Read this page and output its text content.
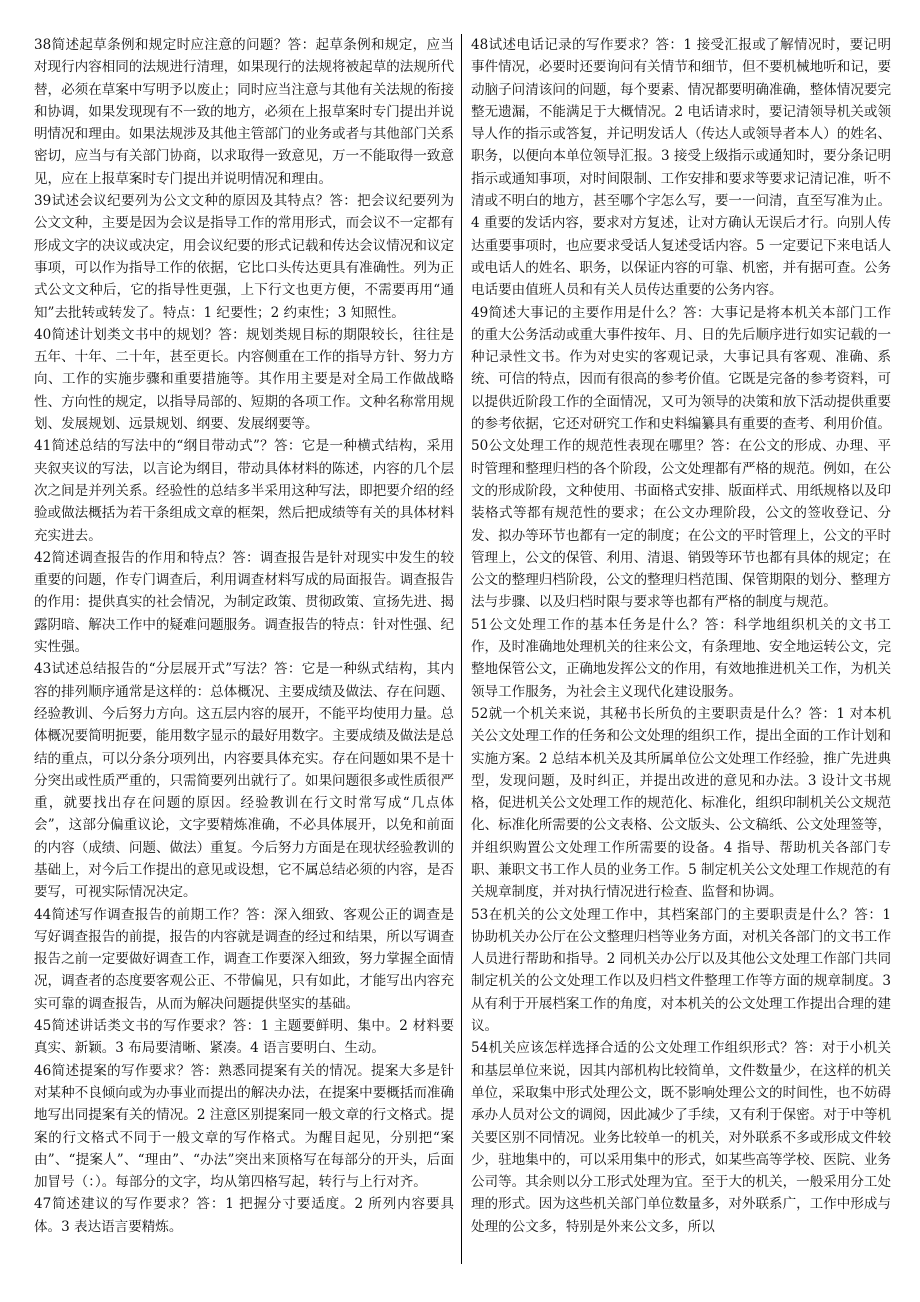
38简述起草条例和规定时应注意的问题？答：起草条例和规定，应当对现行内容相同的法规进行清理，如果现行的法规将被起草的法规所代替，必须在草案中写明予以废止；同时应当注意与其他有关法规的衔接和协调，如果发现现有不一致的地方，必须在上报草案时专门提出并说明情况和理由。如果法规涉及其他主管部门的业务或者与其他部门关系密切，应当与有关部门协商，以求取得一致意见，万一不能取得一致意见，应在上报草案时专门提出并说明情况和理由。

39试述会议纪要列为公文文种的原因及其特点？答：把会议纪要列为公文文种，主要是因为会议是指导工作的常用形式，而会议不一定都有形成文字的决议或决定，用会议纪要的形式记载和传达会议情况和议定事项，可以作为指导工作的依据，它比口头传达更具有准确性。列为正式公文文种后，它的指导性更强，上下行文也更方便，不需要再用“通知”去批转或转发了。特点：1 纪要性；2 约束性；3 知照性。

40简述计划类文书中的规划？答：规划类规目标的期限较长，往往是五年、十年、二十年，甚至更长。内容侧重在工作的指导方针、努力方向、工作的实施步骤和重要措施等。其作用主要是对全局工作做战略性、方向性的规定，以指导局部的、短期的各项工作。文种名称常用规划、发展规划、远景规划、纲要、发展纲要等。

41简述总结的写法中的“纲目带动式”？答：它是一种横式结构，采用夹叙夹议的写法，以言论为纲目，带动具体材料的陈述，内容的几个层次之间是并列关系。经验性的总结多半采用这种写法，即把要介绍的经验或做法概括为若干条组成文章的框架，然后把成绩等有关的具体材料充实进去。

42简述调查报告的作用和特点？答：调查报告是针对现实中发生的较重要的问题，作专门调查后，利用调查材料写成的局面报告。调查报告的作用：提供真实的社会情况，为制定政策、贯彻政策、宣扬先进、揭露阴暗、解决工作中的疑难问题服务。调查报告的特点：针对性强、纪实性强。

43试述总结报告的“分层展开式”写法？答：它是一种纵式结构，其内容的排列顺序通常是这样的：总体概况、主要成绩及做法、存在问题、经验教训、今后努力方向。这五层内容的展开，不能平均使用力量。总体概况要简明扼要，能用数字显示的最好用数字。主要成绩及做法是总结的重点，可以分条分项列出，内容要具体充实。存在问题如果不是十分突出或性质严重的，只需简要列出就行了。如果问题很多或性质很严重，就要找出存在问题的原因。经验教训在行文时常写成“几点体会”，这部分偏重议论，文字要精炼准确，不必具体展开，以免和前面的内容（成绩、问题、做法）重复。今后努力方面是在现状经验教训的基础上，对今后工作提出的意见或设想，它不属总结必须的内容，是否要写，可视实际情况决定。

44简述写作调查报告的前期工作？答：深入细致、客观公正的调查是写好调查报告的前提，报告的内容就是调查的经过和结果，所以写调查报告之前一定要做好调查工作，调查工作要深入细致，努力掌握全面情况，调查者的态度要客观公正、不带偏见，只有如此，才能写出内容充实可靠的调查报告，从而为解决问题提供坚实的基础。

45简述讲话类文书的写作要求？答：1 主题要鲜明、集中。2 材料要真实、新颖。3 布局要清晰、紧凑。4 语言要明白、生动。

46简述提案的写作要求？答：熟悉同提案有关的情况。提案大多是针对某种不良倾向或为办事业而提出的解决办法，在提案中要概括而准确地写出同提案有关的情况。2 注意区别提案同一般文章的行文格式。提案的行文格式不同于一般文章的写作格式。为醒目起见，分别把“案由”、“提案人”、“理由”、“办法”突出来顶格写在每部分的开头，后面加冒号（：）。每部分的文字，均从第四格写起，转行与上行对齐。

47简述建议的写作要求？答：1 把握分寸要适度。2 所列内容要具体。3 表达语言要精炼。

48试述电话记录的写作要求？答：1 接受汇报或了解情况时，要记明事件情况，必要时还要询问有关情节和细节，但不要机械地听和记，要动脑子问清该问的问题，每个要素、情况都要明确准确，整体情况要完整无遗漏，不能满足于大概情况。2 电话请求时，要记清领导机关或领导人作的指示或答复，并记明发话人（传达人或领导者本人）的姓名、职务，以便向本单位领导汇报。3 接受上级指示或通知时，要分条记明指示或通知事项，对时间限制、工作安排和要求等要求记清记准，听不清或不明白的地方，甚至哪个字怎么写，要一一问清，直至写准为止。4 重要的发话内容，要求对方复述，让对方确认无误后才行。向别人传达重要事项时，也应要求受话人复述受话内容。5 一定要记下来电话人或电话人的姓名、职务，以保证内容的可靠、机密，并有据可查。公务电话要由值班人员和有关人员传达重要的公务内容。

49简述大事记的主要作用是什么？答：大事记是将本机关本部门工作的重大公务活动或重大事件按年、月、日的先后顺序进行如实记载的一种记录性文书。作为对史实的客观记录，大事记具有客观、准确、系统、可信的特点，因而有很高的参考价值。它既是完备的参考资料，可以提供近阶段工作的全面情况，又可为领导的决策和放下活动提供重要的参考依据，它还对研究工作和史料编纂具有重要的查考、利用价值。

50公文处理工作的规范性表现在哪里？答：在公文的形成、办理、平时管理和整理归档的各个阶段，公文处理都有严格的规范。例如，在公文的形成阶段，文种使用、书面格式安排、版面样式、用纸规格以及印装格式等都有规范性的要求；在公文办理阶段，公文的签收登记、分发、拟办等环节也都有一定的制度；在公文的平时管理上，公文的平时管理上，公文的保管、利用、清退、销毁等环节也都有具体的规定；在公文的整理归档阶段，公文的整理归档范围、保管期限的划分、整理方法与步骤、以及归档时限与要求等也都有严格的制度与规范。

51公文处理工作的基本任务是什么？答：科学地组织机关的文书工作，及时准确地处理机关的往来公文，有条理地、安全地运转公文，完整地保管公文，正确地发挥公文的作用，有效地推进机关工作，为机关领导工作服务，为社会主义现代化建设服务。

52就一个机关来说，其秘书长所负的主要职责是什么？答：1 对本机关公文处理工作的任务和公文处理的组织工作，提出全面的工作计划和实施方案。2 总结本机关及其所属单位公文处理工作经验，推广先进典型，发现问题，及时纠正，并提出改进的意见和办法。3 设计文书规格，促进机关公文处理工作的规范化、标准化，组织印制机关公文规范化、标准化所需要的公文表格、公文版头、公文稿纸、公文处理签等，并组织购置公文处理工作所需要的设备。4 指导、帮助机关各部门专职、兼职文书工作人员的业务工作。5 制定机关公文处理工作规范的有关规章制度，并对执行情况进行检查、监督和协调。

53在机关的公文处理工作中，其档案部门的主要职责是什么？答：1 协助机关办公厅在公文整理归档等业务方面，对机关各部门的文书工作人员进行帮助和指导。2 同机关办公厅以及其他公文处理工作部门共同制定机关的公文处理工作以及归档文件整理工作等方面的规章制度。3 从有利于开展档案工作的角度，对本机关的公文处理工作提出合理的建议。

54机关应该怎样选择合适的公文处理工作组织形式？答：对于小机关和基层单位来说，因其内部机构比较简单，文件数量少，在这样的机关单位，采取集中形式处理公文，既不影响处理公文的时间性，也不妨碍承办人员对公文的调阅，因此减少了手续，又有利于保密。对于中等机关要区别不同情况。业务比较单一的机关，对外联系不多或形成文件较少，驻地集中的，可以采用集中的形式，如某些高等学校、医院、业务公司等。其余则以分工形式处理为宜。至于大的机关，一般采用分工处理的形式。因为这些机关部门单位数量多，对外联系广，工作中形成与处理的公文多，特别是外来公文多，所以
